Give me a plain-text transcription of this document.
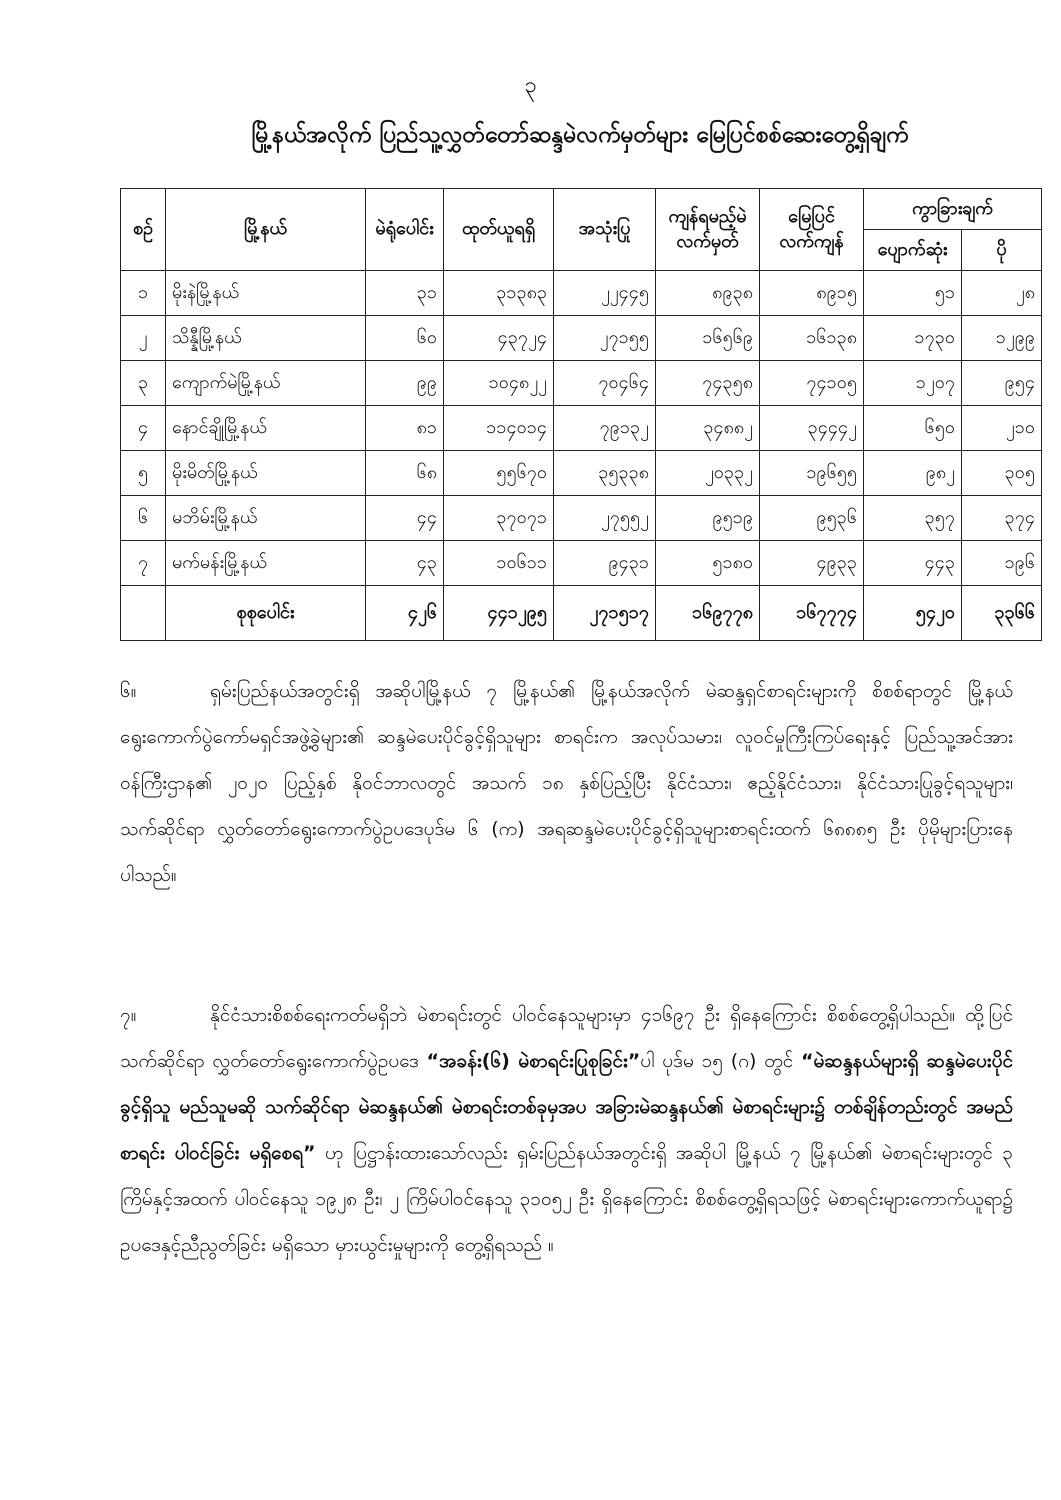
၃
မြို့နယ်အလိုက် ပြည်သူ့လွှတ်တော်ဆန္ဒမဲလက်မှတ်များ မြေပြင်စစ်ဆေးတွေ့ရှိချက်
စဉ်	မြို့နယ်	မဲရုံပေါင်း	ထုတ်ယူရရှိ	အသုံးပြု	ကျန်ရမည့်မဲလက်မှတ်	မြေပြင်လက်ကျန်	ကွာခြားချက်	
							ပျောက်ဆုံး	ပို
၁	မိုးနဲမြို့နယ်	၃၁	၃၁၃၈၃	၂၂၄၄၅	၈၉၃၈	၈၉၁၅	၅၁	၂၈
၂	သိန္နီမြို့နယ်	၆၀	၄၃၇၂၄	၂၇၁၅၅	၁၆၅၆၉	၁၆၁၃၈	၁၇၃၀	၁၂၉၉
၃	ကျောက်မဲမြို့နယ်	၉၉	၁၀၄၈၂၂	၇၀၄၆၄	၇၄၃၅၈	၇၄၁၀၅	၁၂၀၇	၉၅၄
၄	နောင်ချိုမြို့နယ်	၈၁	၁၁၄၀၁၄	၇၉၁၃၂	၃၄၈၈၂	၃၄၄၄၂	၆၅၀	၂၁၀
၅	မိုးမိတ်မြို့နယ်	၆၈	၅၅၆၇၀	၃၅၃၃၈	၂၀၃၃၂	၁၉၆၅၅	၉၈၂	၃၀၅
၆	မဘိမ်းမြို့နယ်	၄၄	၃၇၀၇၁	၂၇၅၅၂	၉၅၁၉	၉၅၃၆	၃၅၇	၃၇၄
၇	မက်မန်းမြို့နယ်	၄၃	၁၀၆၁၁	၉၄၃၁	၅၁၈၀	၄၉၃၃	၄၄၃	၁၉၆
	စုစုပေါင်း	၄၂၆	၄၄၁၂၉၅	၂၇၁၅၁၇	၁၆၉၇၇၈	၁၆၇၇၇၄	၅၄၂၀	၃၃၆၆

၆။	ရှမ်းပြည်နယ်အတွင်းရှိ အဆိုပါမြို့နယ် ၇ မြို့နယ်၏ မြို့နယ်အလိုက် မဲဆန္ဒရှင်စာရင်းများကို စိစစ်ရာတွင် မြို့နယ်ရွေးကောက်ပွဲကော်မရှင်အဖွဲ့ခွဲများ၏ ဆန္ဒမဲပေးပိုင်ခွင့်ရှိသူများ စာရင်းက အလုပ်သမား၊ လူဝင်မှုကြီးကြပ်ရေးနှင့် ပြည်သူ့အင်အားဝန်ကြီးဌာန၏ ၂၀၂၀ ပြည့်နှစ် နိုဝင်ဘာလတွင် အသက် ၁၈ နှစ်ပြည့်ပြီး နိုင်ငံသား၊ ဧည့်နိုင်ငံသား၊ နိုင်ငံသားပြုခွင့်ရသူများ၊ သက်ဆိုင်ရာ လွှတ်တော်ရွေးကောက်ပွဲဥပဒေပုဒ်မ ၆ (က) အရဆန္ဒမဲပေးပိုင်ခွင့်ရှိသူများစာရင်းထက် ၆၈၈၈၅ ဦး ပိုမိုများပြားနေပါသည်။

၇။	နိုင်ငံသားစိစစ်ရေးကတ်မရှိဘဲ မဲစာရင်းတွင် ပါဝင်နေသူများမှာ ၄၁၆၉၇ ဦး ရှိနေကြောင်း စိစစ်တွေ့ရှိပါသည်။ ထို့ပြင် သက်ဆိုင်ရာ လွှတ်တော်ရွေးကောက်ပွဲဥပဒေ “အခန်း(၆) မဲစာရင်းပြုစုခြင်း”ပါ ပုဒ်မ ၁၅ (ဂ) တွင် “မဲဆန္ဒနယ်များရှိ ဆန္ဒမဲပေးပိုင်ခွင့်ရှိသူ မည်သူမဆို သက်ဆိုင်ရာ မဲဆန္ဒနယ်၏ မဲစာရင်းတစ်ခုမှအပ အခြားမဲဆန္ဒနယ်၏ မဲစာရင်းများ၌ တစ်ချိန်တည်းတွင် အမည်စာရင်း ပါဝင်ခြင်း မရှိစေရ” ဟု ပြဋ္ဌာန်းထားသော်လည်း ရှမ်းပြည်နယ်အတွင်းရှိ အဆိုပါ မြို့နယ် ၇ မြို့နယ်၏ မဲစာရင်းများတွင် ၃ ကြိမ်နှင့်အထက် ပါဝင်နေသူ ၁၉၂၈ ဦး၊ ၂ ကြိမ်ပါဝင်နေသူ ၃၁၀၅၂ ဦး ရှိနေကြောင်း စိစစ်တွေ့ရှိရသဖြင့် မဲစာရင်းများကောက်ယူရာ၌ ဥပဒေနှင့်ညီညွတ်ခြင်း မရှိသော မှားယွင်းမှုများကို တွေ့ရှိရသည် ။
